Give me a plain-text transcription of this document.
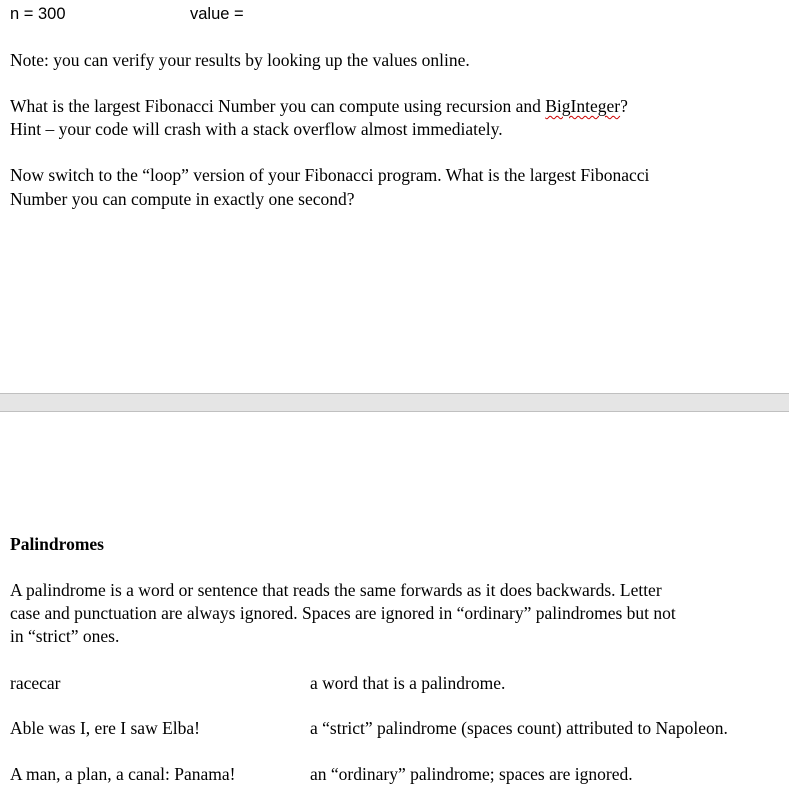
n = 300	value =
Note: you can verify your results by looking up the values online.
What is the largest Fibonacci Number you can compute using recursion and BigInteger?
Hint – your code will crash with a stack overflow almost immediately.
Now switch to the “loop” version of your Fibonacci program. What is the largest Fibonacci
Number you can compute in exactly one second?
Palindromes
A palindrome is a word or sentence that reads the same forwards as it does backwards. Letter
case and punctuation are always ignored. Spaces are ignored in “ordinary” palindromes but not
in “strict” ones.
racecar	a word that is a palindrome.
Able was I, ere I saw Elba!	a “strict” palindrome (spaces count) attributed to Napoleon.
A man, a plan, a canal: Panama!	an “ordinary” palindrome; spaces are ignored.
